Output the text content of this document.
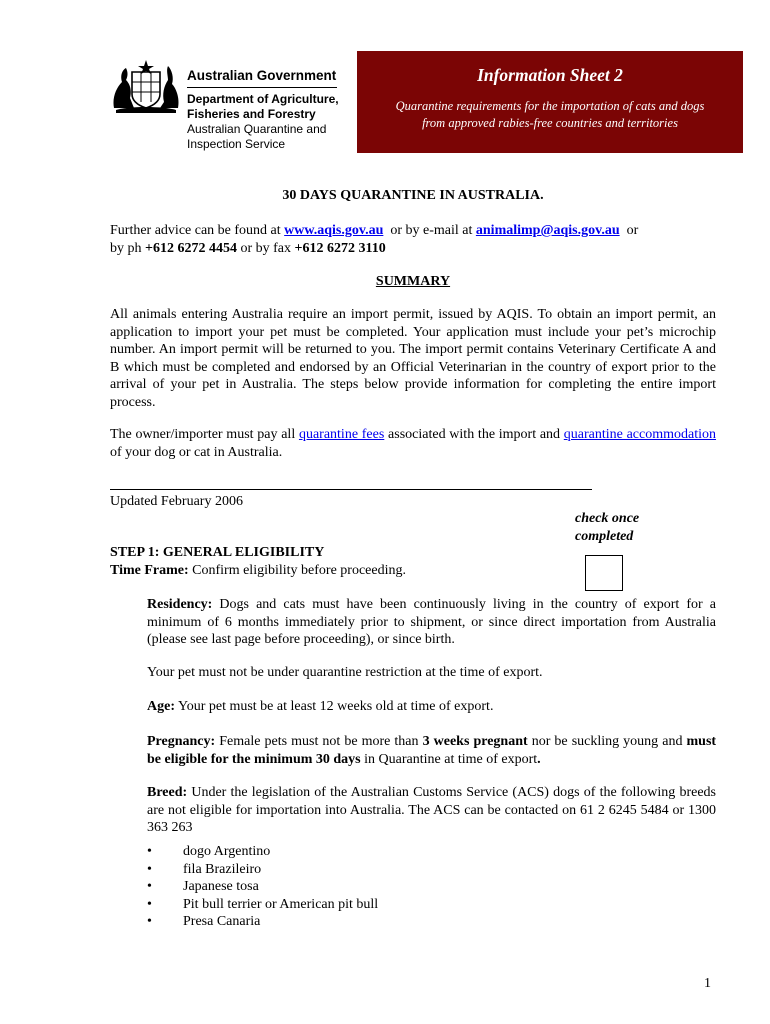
Australian Government
Department of Agriculture,
Fisheries and Forestry
Australian Quarantine and
Inspection Service
Information Sheet 2
Quarantine requirements for the importation of cats and dogs
from approved rabies-free countries and territories
30 DAYS QUARANTINE IN AUSTRALIA.
Further advice can be found at www.aqis.gov.au or by e-mail at animalimp@aqis.gov.au  or
by ph +612 6272 4454 or by fax +612 6272 3110
SUMMARY
All animals entering Australia require an import permit, issued by AQIS. To obtain an import permit, an application to import your pet must be completed. Your application must include your pet’s microchip number. An import permit will be returned to you. The import permit contains Veterinary Certificate A and B which must be completed and endorsed by an Official Veterinarian in the country of export prior to the arrival of your pet in Australia. The steps below provide information for completing the entire import process.
The owner/importer must pay all quarantine fees associated with the import and quarantine accommodation of your dog or cat in Australia.
Updated February 2006
check once
completed
STEP 1: GENERAL ELIGIBILITY
Time Frame: Confirm eligibility before proceeding.
Residency: Dogs and cats must have been continuously living in the country of export for a minimum of 6 months immediately prior to shipment, or since direct importation from Australia (please see last page before proceeding), or since birth.
Your pet must not be under quarantine restriction at the time of export.
Age: Your pet must be at least 12 weeks old at time of export.
Pregnancy: Female pets must not be more than 3 weeks pregnant nor be suckling young and must be eligible for the minimum 30 days in Quarantine at time of export.
Breed: Under the legislation of the Australian Customs Service (ACS) dogs of the following breeds are not eligible for importation into Australia. The ACS can be contacted on 61 2 6245 5484 or 1300 363 263
• dogo Argentino
• fila Brazileiro
• Japanese tosa
• Pit bull terrier or American pit bull
• Presa Canaria
1
